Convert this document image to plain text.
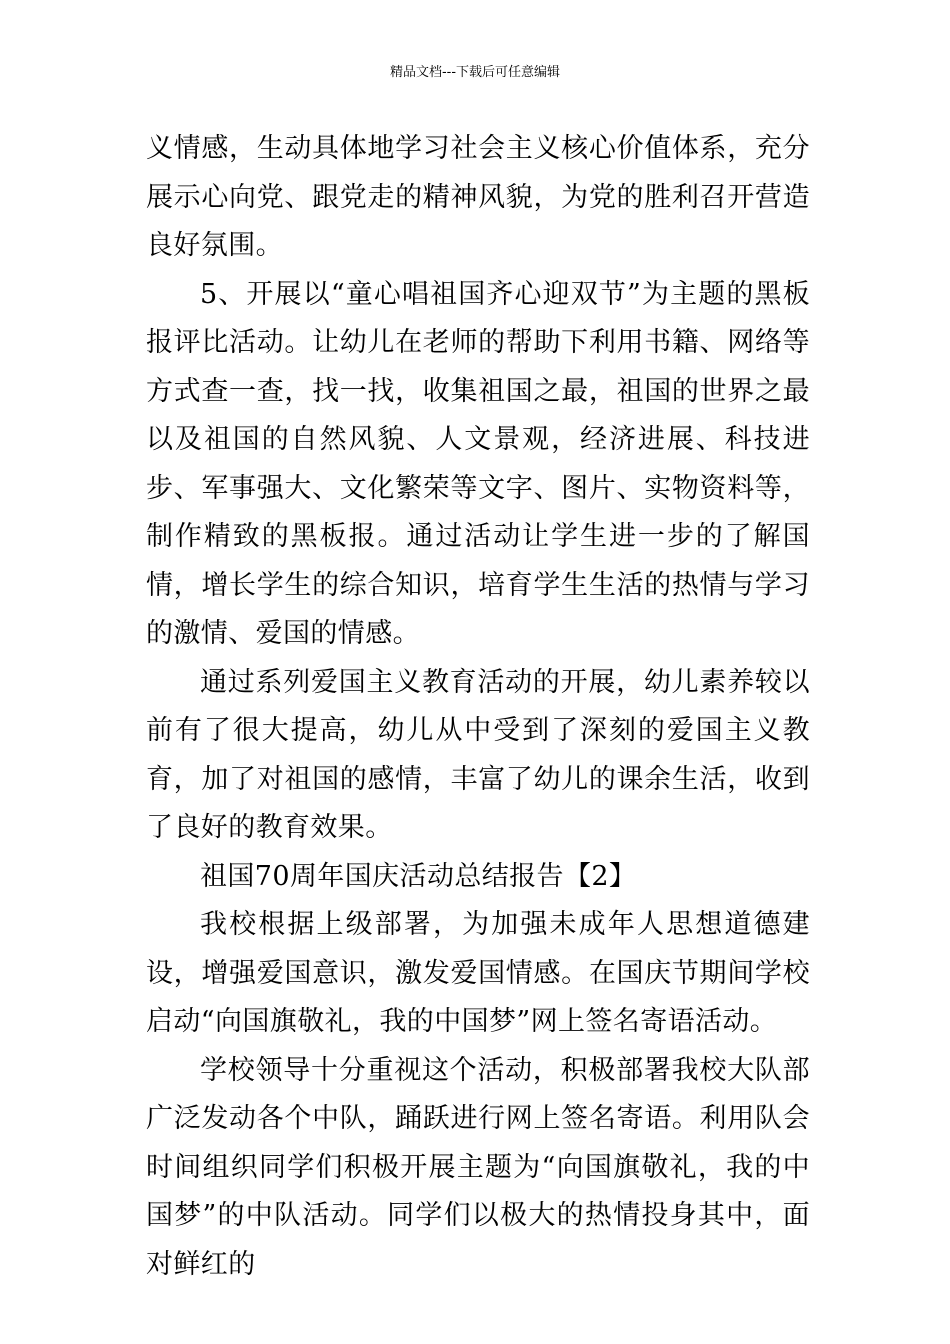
精品文档---下载后可任意编辑

义情感，生动具体地学习社会主义核心价值体系，充分展示心向党、跟党走的精神风貌，为党的胜利召开营造良好氛围。

5、开展以“童心唱祖国齐心迎双节”为主题的黑板报评比活动。让幼儿在老师的帮助下利用书籍、网络等方式查一查，找一找，收集祖国之最，祖国的世界之最以及祖国的自然风貌、人文景观，经济进展、科技进步、军事强大、文化繁荣等文字、图片、实物资料等，制作精致的黑板报。通过活动让学生进一步的了解国情，增长学生的综合知识，培育学生生活的热情与学习的激情、爱国的情感。

通过系列爱国主义教育活动的开展，幼儿素养较以前有了很大提高，幼儿从中受到了深刻的爱国主义教育，加了对祖国的感情，丰富了幼儿的课余生活，收到了良好的教育效果。

祖国70周年国庆活动总结报告【2】

我校根据上级部署，为加强未成年人思想道德建设，增强爱国意识，激发爱国情感。在国庆节期间学校启动“向国旗敬礼，我的中国梦”网上签名寄语活动。

学校领导十分重视这个活动，积极部署我校大队部广泛发动各个中队，踊跃进行网上签名寄语。利用队会时间组织同学们积极开展主题为“向国旗敬礼，我的中国梦”的中队活动。同学们以极大的热情投身其中，面对鲜红的
